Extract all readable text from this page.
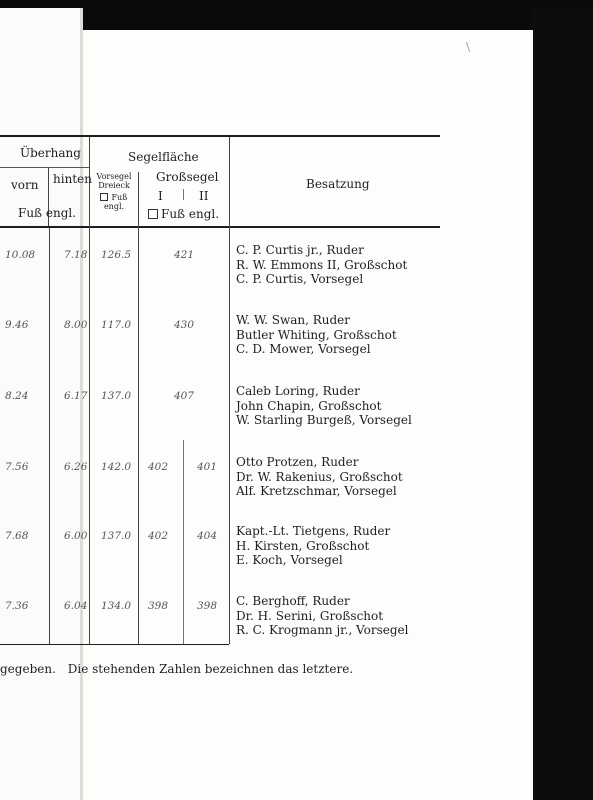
/
Überhang
vorn hinten
Fuß engl.
Segelfläche
Vorsegel
Dreieck
Fuß
engl.
Großsegel
I	II
Fuß engl.
Besatzung
10.08	7.18 126.5	421	C. P. Curtis jr., Ruder
R. W. Emmons II, Großschot
C. P. Curtis, Vorsegel
9.46	8.00 117.0	430	W. W. Swan, Ruder
Butler Whiting, Großschot
C. D. Mower, Vorsegel
8.24	6.17 137.0	407	Caleb Loring, Ruder
John Chapin, Großschot
W. Starling Burgeß, Vorsegel
7.56	6.26 142.0 402	401 Otto Protzen, Ruder
Dr. W. Rakenius, Großschot
Alf. Kretzschmar, Vorsegel
7.68	6.00 137.0 402	404 Kapt.-Lt. Tietgens, Ruder
H. Kirsten, Großschot
E. Koch, Vorsegel
7.36	6.04 134.0 398	398 C. Berghoff, Ruder
Dr. H. Serini, Großschot
R. C. Krogmann jr., Vorsegel
gegeben. Die stehenden Zahlen bezeichnen das letztere.
